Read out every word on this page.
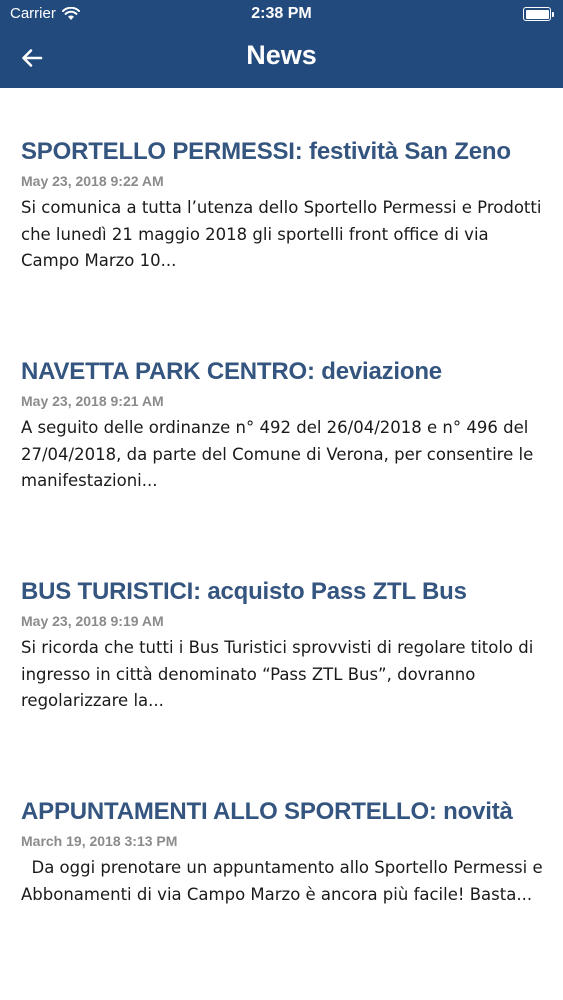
Carrier	2:38 PM
News
SPORTELLO PERMESSI: festività San Zeno
May 23, 2018 9:22 AM
Si comunica a tutta l’utenza dello Sportello Permessi e Prodotti che lunedì 21 maggio 2018 gli sportelli front office di via Campo Marzo 10...
NAVETTA PARK CENTRO: deviazione
May 23, 2018 9:21 AM
A seguito delle ordinanze n° 492 del 26/04/2018 e n° 496 del 27/04/2018, da parte del Comune di Verona, per consentire le manifestazioni...
BUS TURISTICI: acquisto Pass ZTL Bus
May 23, 2018 9:19 AM
Si ricorda che tutti i Bus Turistici sprovvisti di regolare titolo di ingresso in città denominato “Pass ZTL Bus”, dovranno regolarizzare la...
APPUNTAMENTI ALLO SPORTELLO: novità
March 19, 2018 3:13 PM
Da oggi prenotare un appuntamento allo Sportello Permessi e Abbonamenti di via Campo Marzo è ancora più facile! Basta...
